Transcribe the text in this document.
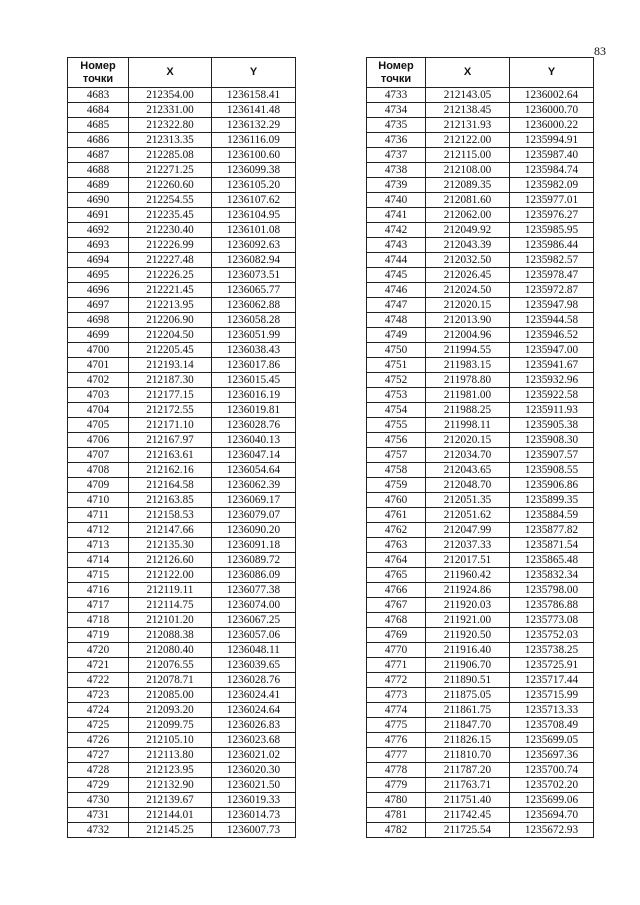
83
Номер
точки	X	Y
4683	212354.00	1236158.41
4684	212331.00	1236141.48
4685	212322.80	1236132.29
4686	212313.35	1236116.09
4687	212285.08	1236100.60
4688	212271.25	1236099.38
4689	212260.60	1236105.20
4690	212254.55	1236107.62
4691	212235.45	1236104.95
4692	212230.40	1236101.08
4693	212226.99	1236092.63
4694	212227.48	1236082.94
4695	212226.25	1236073.51
4696	212221.45	1236065.77
4697	212213.95	1236062.88
4698	212206.90	1236058.28
4699	212204.50	1236051.99
4700	212205.45	1236038.43
4701	212193.14	1236017.86
4702	212187.30	1236015.45
4703	212177.15	1236016.19
4704	212172.55	1236019.81
4705	212171.10	1236028.76
4706	212167.97	1236040.13
4707	212163.61	1236047.14
4708	212162.16	1236054.64
4709	212164.58	1236062.39
4710	212163.85	1236069.17
4711	212158.53	1236079.07
4712	212147.66	1236090.20
4713	212135.30	1236091.18
4714	212126.60	1236089.72
4715	212122.00	1236086.09
4716	212119.11	1236077.38
4717	212114.75	1236074.00
4718	212101.20	1236067.25
4719	212088.38	1236057.06
4720	212080.40	1236048.11
4721	212076.55	1236039.65
4722	212078.71	1236028.76
4723	212085.00	1236024.41
4724	212093.20	1236024.64
4725	212099.75	1236026.83
4726	212105.10	1236023.68
4727	212113.80	1236021.02
4728	212123.95	1236020.30
4729	212132.90	1236021.50
4730	212139.67	1236019.33
4731	212144.01	1236014.73
4732	212145.25	1236007.73
Номер
точки	X	Y
4733	212143.05	1236002.64
4734	212138.45	1236000.70
4735	212131.93	1236000.22
4736	212122.00	1235994.91
4737	212115.00	1235987.40
4738	212108.00	1235984.74
4739	212089.35	1235982.09
4740	212081.60	1235977.01
4741	212062.00	1235976.27
4742	212049.92	1235985.95
4743	212043.39	1235986.44
4744	212032.50	1235982.57
4745	212026.45	1235978.47
4746	212024.50	1235972.87
4747	212020.15	1235947.98
4748	212013.90	1235944.58
4749	212004.96	1235946.52
4750	211994.55	1235947.00
4751	211983.15	1235941.67
4752	211978.80	1235932.96
4753	211981.00	1235922.58
4754	211988.25	1235911.93
4755	211998.11	1235905.38
4756	212020.15	1235908.30
4757	212034.70	1235907.57
4758	212043.65	1235908.55
4759	212048.70	1235906.86
4760	212051.35	1235899.35
4761	212051.62	1235884.59
4762	212047.99	1235877.82
4763	212037.33	1235871.54
4764	212017.51	1235865.48
4765	211960.42	1235832.34
4766	211924.86	1235798.00
4767	211920.03	1235786.88
4768	211921.00	1235773.08
4769	211920.50	1235752.03
4770	211916.40	1235738.25
4771	211906.70	1235725.91
4772	211890.51	1235717.44
4773	211875.05	1235715.99
4774	211861.75	1235713.33
4775	211847.70	1235708.49
4776	211826.15	1235699.05
4777	211810.70	1235697.36
4778	211787.20	1235700.74
4779	211763.71	1235702.20
4780	211751.40	1235699.06
4781	211742.45	1235694.70
4782	211725.54	1235672.93
